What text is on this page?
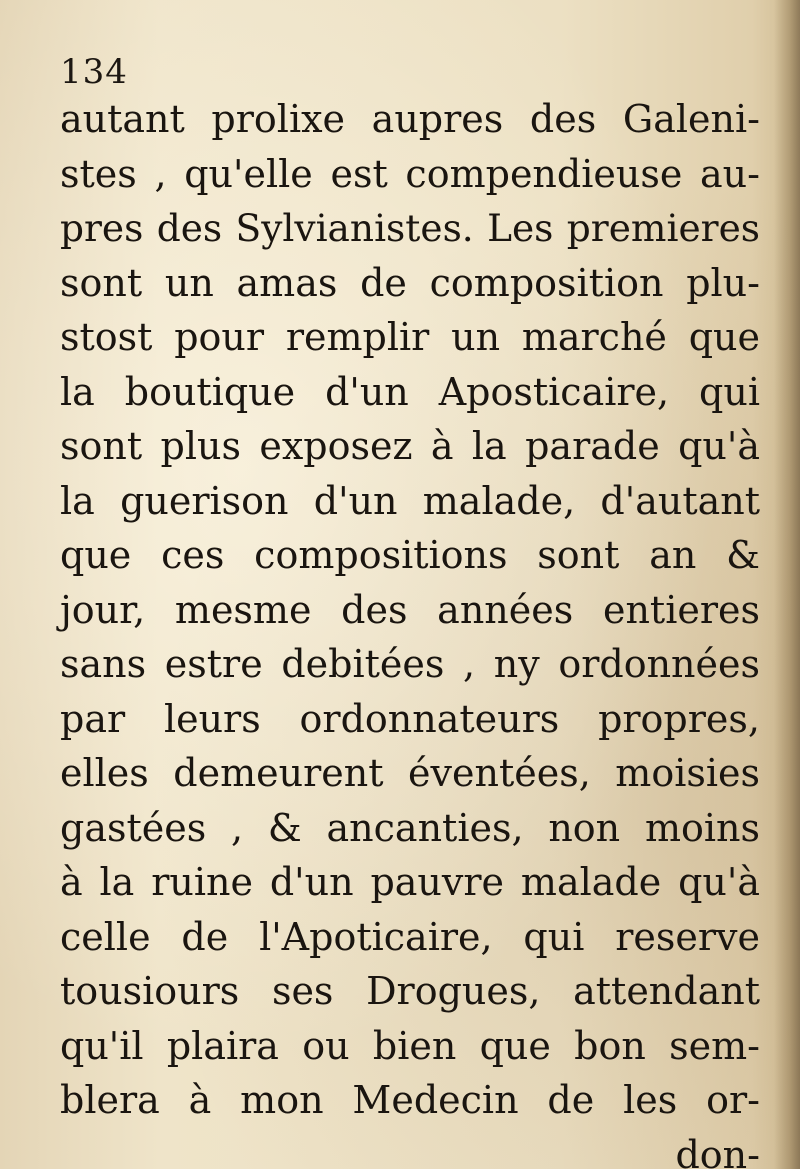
134
autant prolixe aupres des Galeni-
stes , qu'elle est compendieuse au-
pres des Sylvianistes. Les premieres
sont un amas de composition plu-
stost pour remplir un marché que
la boutique d'un Aposticaire, qui
sont plus exposez à la parade qu'à
la guerison d'un malade, d'autant
que ces compositions sont an &
jour, mesme des années entieres
sans estre debitées , ny ordonnées
par leurs ordonnateurs propres,
elles demeurent éventées, moisies
gastées , & ancanties, non moins
à la ruine d'un pauvre malade qu'à
celle de l'Apoticaire, qui reserve
tousiours ses Drogues, attendant
qu'il plaira ou bien que bon sem-
blera à mon Medecin de les or-
don-
